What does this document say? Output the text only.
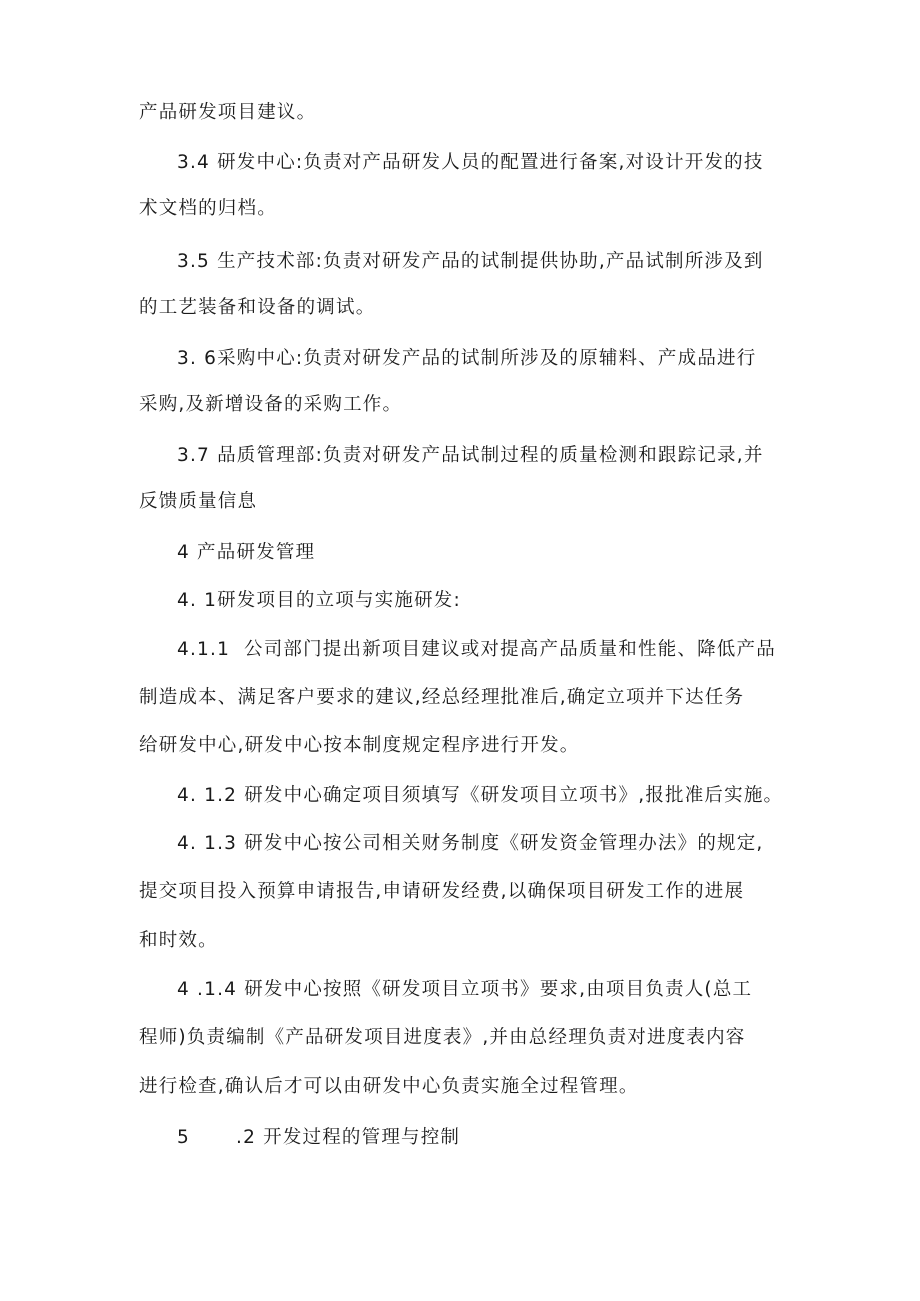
产品研发项目建议。
3.4 研发中心:负责对产品研发人员的配置进行备案,对设计开发的技
术文档的归档。
3.5 生产技术部:负责对研发产品的试制提供协助,产品试制所涉及到
的工艺装备和设备的调试。
3. 6采购中心:负责对研发产品的试制所涉及的原辅料、产成品进行
采购,及新增设备的采购工作。
3.7 品质管理部:负责对研发产品试制过程的质量检测和跟踪记录,并
反馈质量信息
4 产品研发管理
4. 1研发项目的立项与实施研发:
4.1.1 公司部门提出新项目建议或对提高产品质量和性能、降低产品
制造成本、满足客户要求的建议,经总经理批准后,确定立项并下达任务
给研发中心,研发中心按本制度规定程序进行开发。
4. 1.2 研发中心确定项目须填写《研发项目立项书》,报批准后实施。
4. 1.3 研发中心按公司相关财务制度《研发资金管理办法》的规定,
提交项目投入预算申请报告,申请研发经费,以确保项目研发工作的进展
和时效。
4 .1.4 研发中心按照《研发项目立项书》要求,由项目负责人(总工
程师)负责编制《产品研发项目进度表》,并由总经理负责对进度表内容
进行检查,确认后才可以由研发中心负责实施全过程管理。
5 .2 开发过程的管理与控制
